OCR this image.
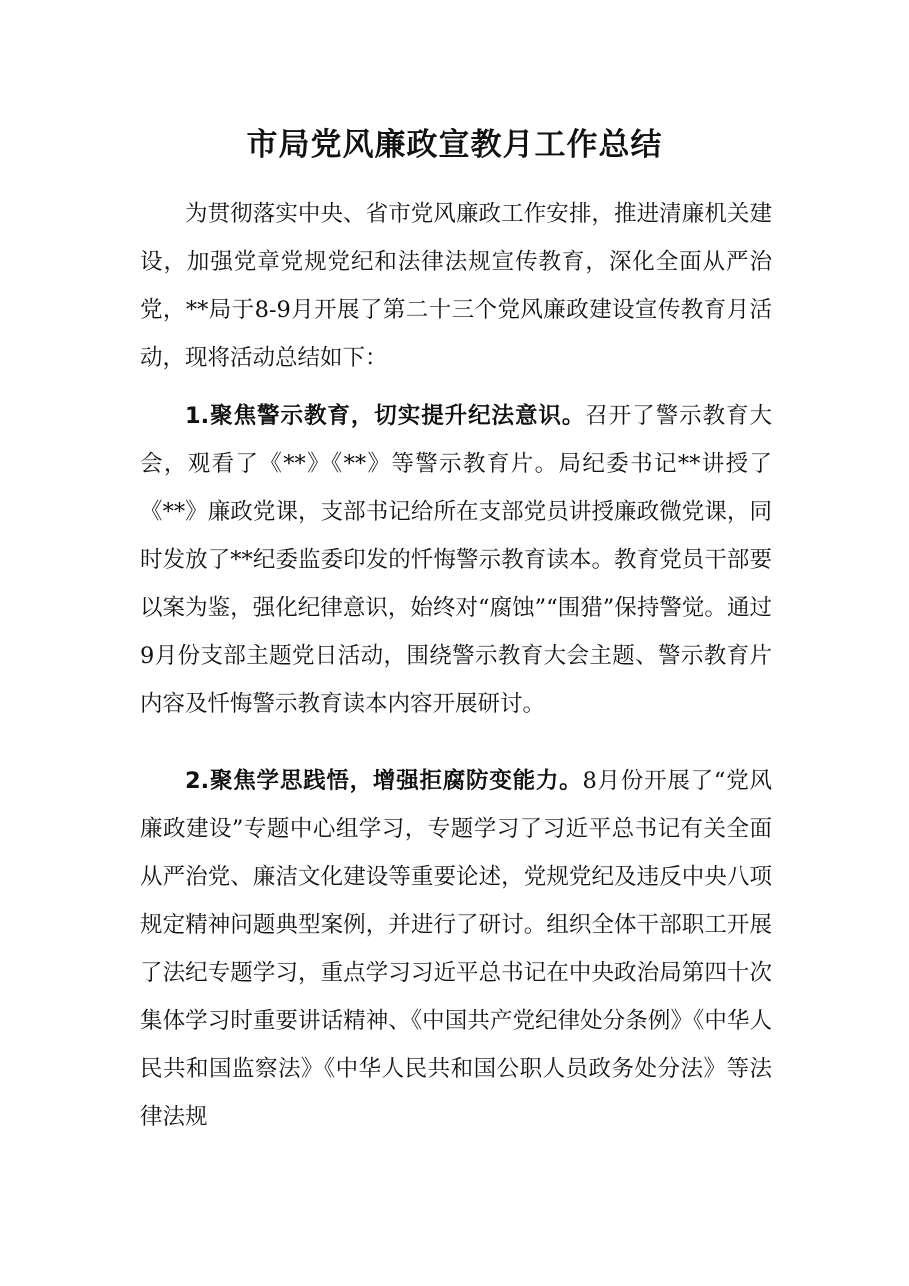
市局党风廉政宣教月工作总结

为贯彻落实中央、省市党风廉政工作安排，推进清廉机关建设，加强党章党规党纪和法律法规宣传教育，深化全面从严治党，**局于8-9月开展了第二十三个党风廉政建设宣传教育月活动，现将活动总结如下：

1.聚焦警示教育，切实提升纪法意识。召开了警示教育大会，观看了《**》《**》等警示教育片。局纪委书记**讲授了《**》廉政党课，支部书记给所在支部党员讲授廉政微党课，同时发放了**纪委监委印发的忏悔警示教育读本。教育党员干部要以案为鉴，强化纪律意识，始终对“腐蚀”“围猎”保持警觉。通过9月份支部主题党日活动，围绕警示教育大会主题、警示教育片内容及忏悔警示教育读本内容开展研讨。

2.聚焦学思践悟，增强拒腐防变能力。8月份开展了“党风廉政建设”专题中心组学习，专题学习了习近平总书记有关全面从严治党、廉洁文化建设等重要论述，党规党纪及违反中央八项规定精神问题典型案例，并进行了研讨。组织全体干部职工开展了法纪专题学习，重点学习习近平总书记在中央政治局第四十次集体学习时重要讲话精神、《中国共产党纪律处分条例》《中华人民共和国监察法》《中华人民共和国公职人员政务处分法》等法律法规
